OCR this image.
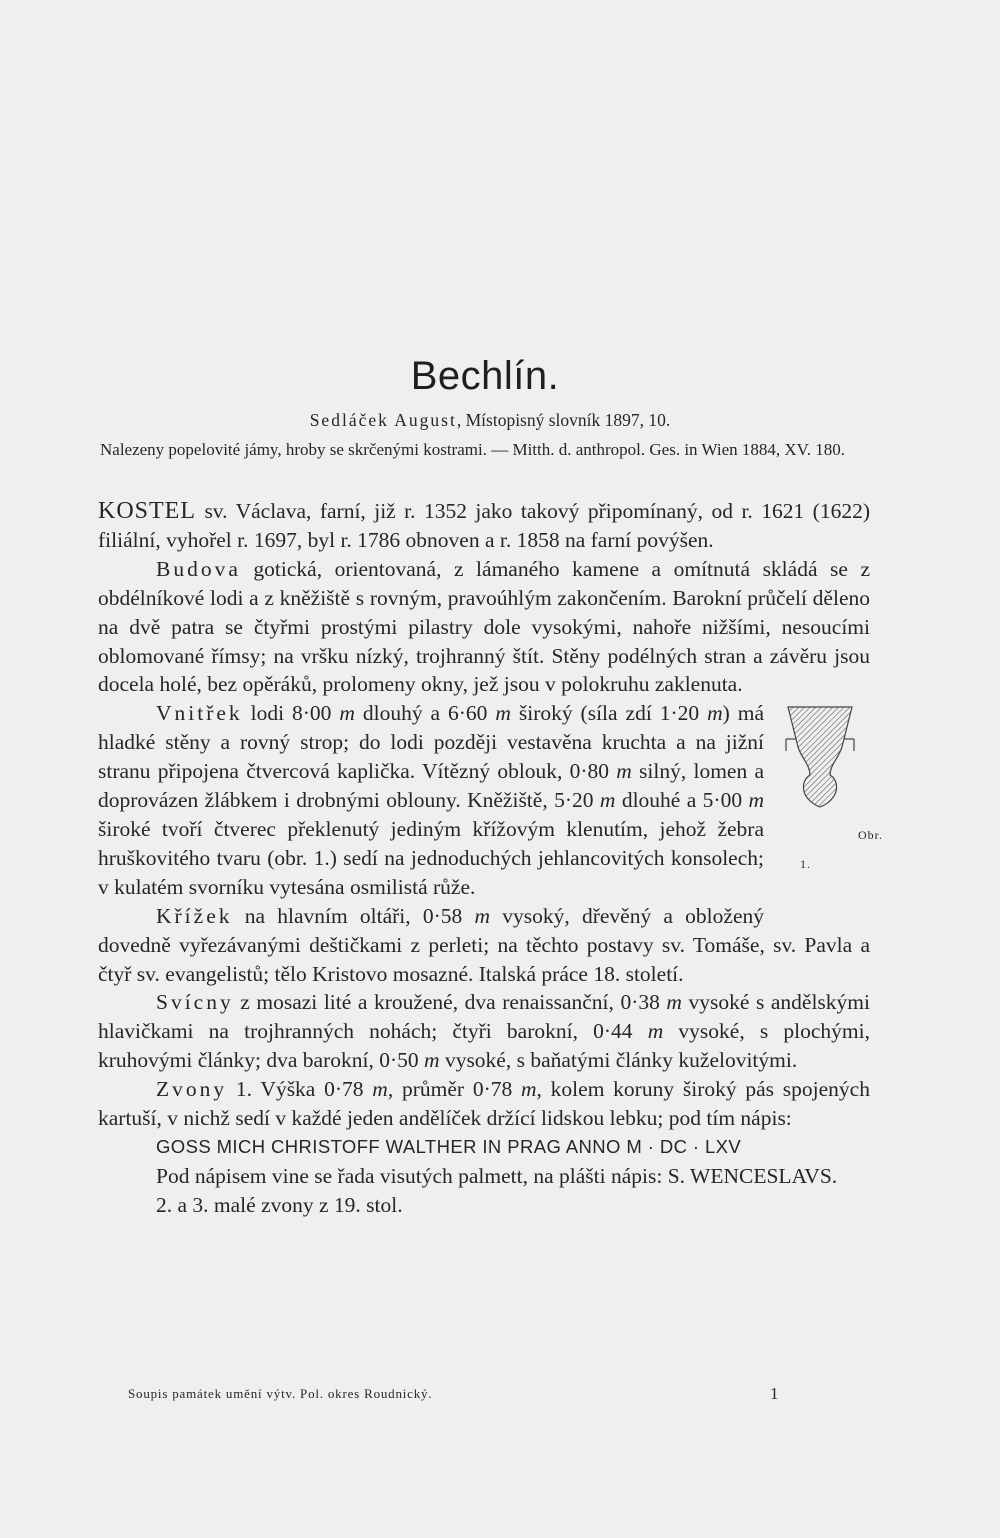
Bechlín.
Sedláček August, Místopisný slovník 1897, 10.
Nalezeny popelovité jámy, hroby se skrčenými kostrami. — Mitth. d. anthropol. Ges. in Wien 1884, XV. 180.

KOSTEL sv. Václava, farní, již r. 1352 jako takový připomínaný, od r. 1621 (1622) filiální, vyhořel r. 1697, byl r. 1786 obnoven a r. 1858 na farní povýšen.

Budova gotická, orientovaná, z lámaného kamene a omítnutá skládá se z obdélníkové lodi a z kněžiště s rovným, pravoúhlým zakončením. Barokní průčelí děleno na dvě patra se čtyřmi prostými pilastry dole vysokými, nahoře nižšími, nesoucími oblomované římsy; na vršku nízký, trojhranný štít. Stěny podélných stran a závěru jsou docela holé, bez opěráků, prolomeny okny, jež jsou v polokruhu zaklenuta.

Obr. 1.
Vnitřek lodi 8·00 m dlouhý a 6·60 m široký (síla zdí 1·20 m) má hladké stěny a rovný strop; do lodi později vestavěna kruchta a na jižní stranu připojena čtvercová kaplička. Vítězný oblouk, 0·80 m silný, lomen a doprovázen žlábkem i drobnými oblouny. Kněžiště, 5·20 m dlouhé a 5·00 m široké tvoří čtverec překlenutý jediným křížovým klenutím, jehož žebra hruškovitého tvaru (obr. 1.) sedí na jednoduchých jehlancovitých konsolech; v kulatém svorníku vytesána osmilistá růže.

Křížek na hlavním oltáři, 0·58 m vysoký, dřevěný a obložený dovedně vyřezávanými deštičkami z perleti; na těchto postavy sv. Tomáše, sv. Pavla a čtyř sv. evangelistů; tělo Kristovo mosazné. Italská práce 18. století.

Svícny z mosazi lité a kroužené, dva renaissanční, 0·38 m vysoké s andělskými hlavičkami na trojhranných nohách; čtyři barokní, 0·44 m vysoké, s plochými, kruhovými články; dva barokní, 0·50 m vysoké, s baňatými články kuželovitými.

Zvony 1. Výška 0·78 m, průměr 0·78 m, kolem koruny široký pás spojených kartuší, v nichž sedí v každé jeden andělíček držící lidskou lebku; pod tím nápis:

GOSS MICH CHRISTOFF WALTHER IN PRAG ANNO M · DC · LXV

Pod nápisem vine se řada visutých palmett, na plášti nápis: S. WENCESLAVS.

2. a 3. malé zvony z 19. stol.

Soupis památek umění výtv. Pol. okres Roudnický.	1
